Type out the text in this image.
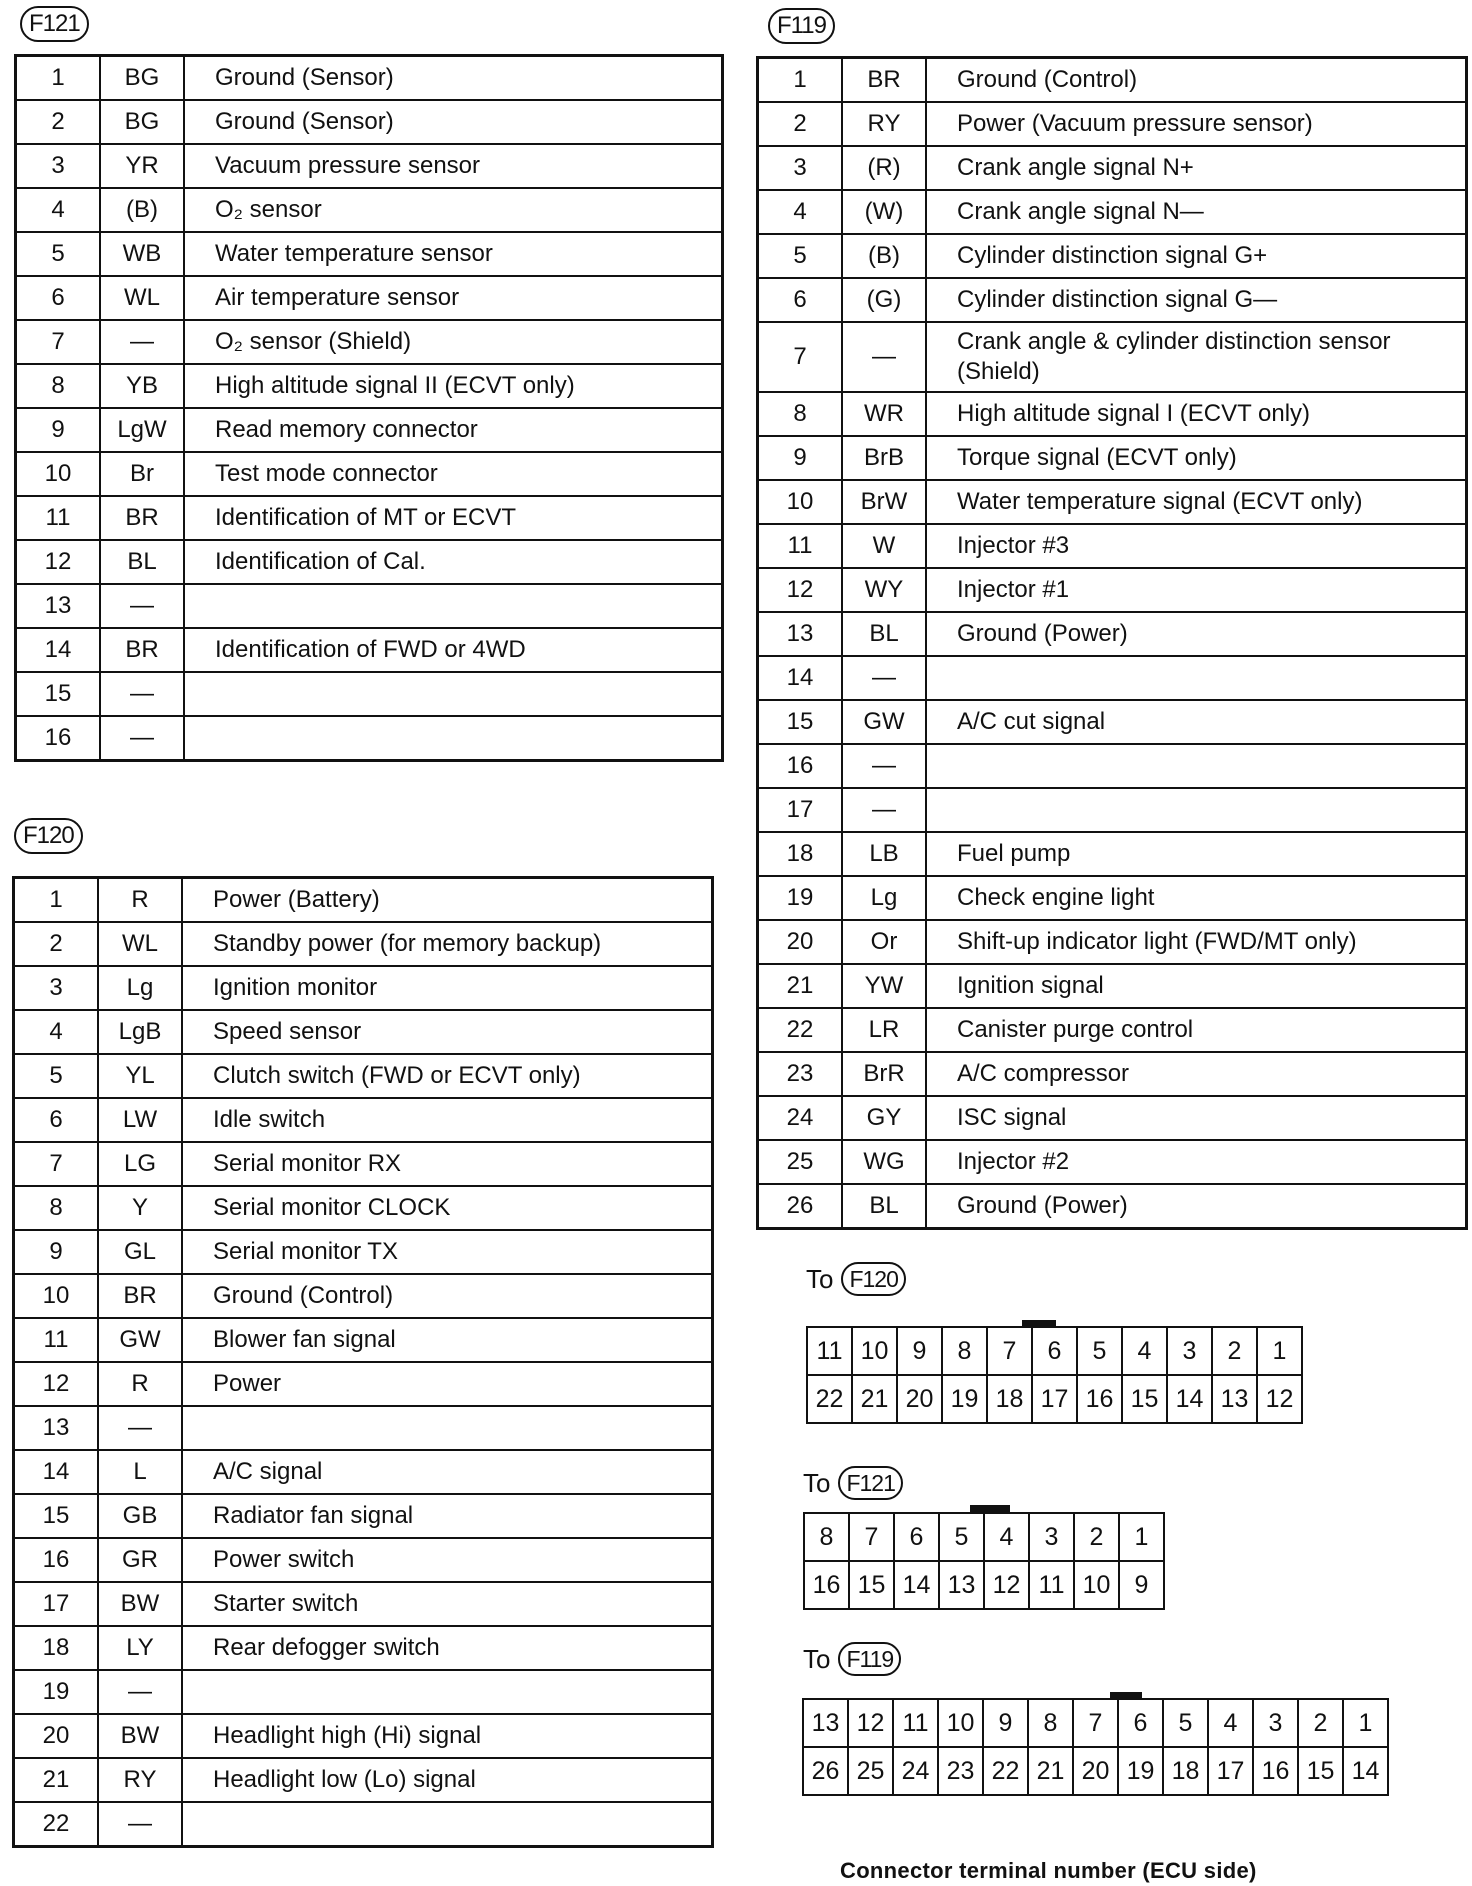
F121
1	BG	Ground (Sensor)

2	BG	Ground (Sensor)

3	YR	Vacuum pressure sensor

4	(B)	O₂ sensor

5	WB	Water temperature sensor

6	WL	Air temperature sensor

7	—	O₂ sensor (Shield)

8	YB	High altitude signal II (ECVT only)

9	LgW	Read memory connector

10	Br	Test mode connector

11	BR	Identification of MT or ECVT

12	BL	Identification of Cal.

13	—	

14	BR	Identification of FWD or 4WD

15	—	

16	—	
F120
1	R	Power (Battery)

2	WL	Standby power (for memory backup)

3	Lg	Ignition monitor

4	LgB	Speed sensor

5	YL	Clutch switch (FWD or ECVT only)

6	LW	Idle switch

7	LG	Serial monitor RX

8	Y	Serial monitor CLOCK

9	GL	Serial monitor TX

10	BR	Ground (Control)

11	GW	Blower fan signal

12	R	Power

13	—	

14	L	A/C signal

15	GB	Radiator fan signal

16	GR	Power switch

17	BW	Starter switch

18	LY	Rear defogger switch

19	—	

20	BW	Headlight high (Hi) signal

21	RY	Headlight low (Lo) signal

22	—	
F119
1	BR	Ground (Control)

2	RY	Power (Vacuum pressure sensor)

3	(R)	Crank angle signal N+

4	(W)	Crank angle signal N—

5	(B)	Cylinder distinction signal G+

6	(G)	Cylinder distinction signal G—

7	—	Crank angle & cylinder distinction sensor
(Shield)

8	WR	High altitude signal I (ECVT only)

9	BrB	Torque signal (ECVT only)

10	BrW	Water temperature signal (ECVT only)

11	W	Injector #3

12	WY	Injector #1

13	BL	Ground (Power)

14	—	

15	GW	A/C cut signal

16	—	

17	—	

18	LB	Fuel pump

19	Lg	Check engine light

20	Or	Shift-up indicator light (FWD/MT only)

21	YW	Ignition signal

22	LR	Canister purge control

23	BrR	A/C compressor

24	GY	ISC signal

25	WG	Injector #2

26	BL	Ground (Power)
To F120
11	10	9	8	7	6	5	4	3	2	1
22	21	20	19	18	17	16	15	14	13	12
To F121
8	7	6	5	4	3	2	1
16	15	14	13	12	11	10	9
To F119
13	12	11	10	9	8	7	6	5	4	3	2	1
26	25	24	23	22	21	20	19	18	17	16	15	14
Connector terminal number (ECU side)
